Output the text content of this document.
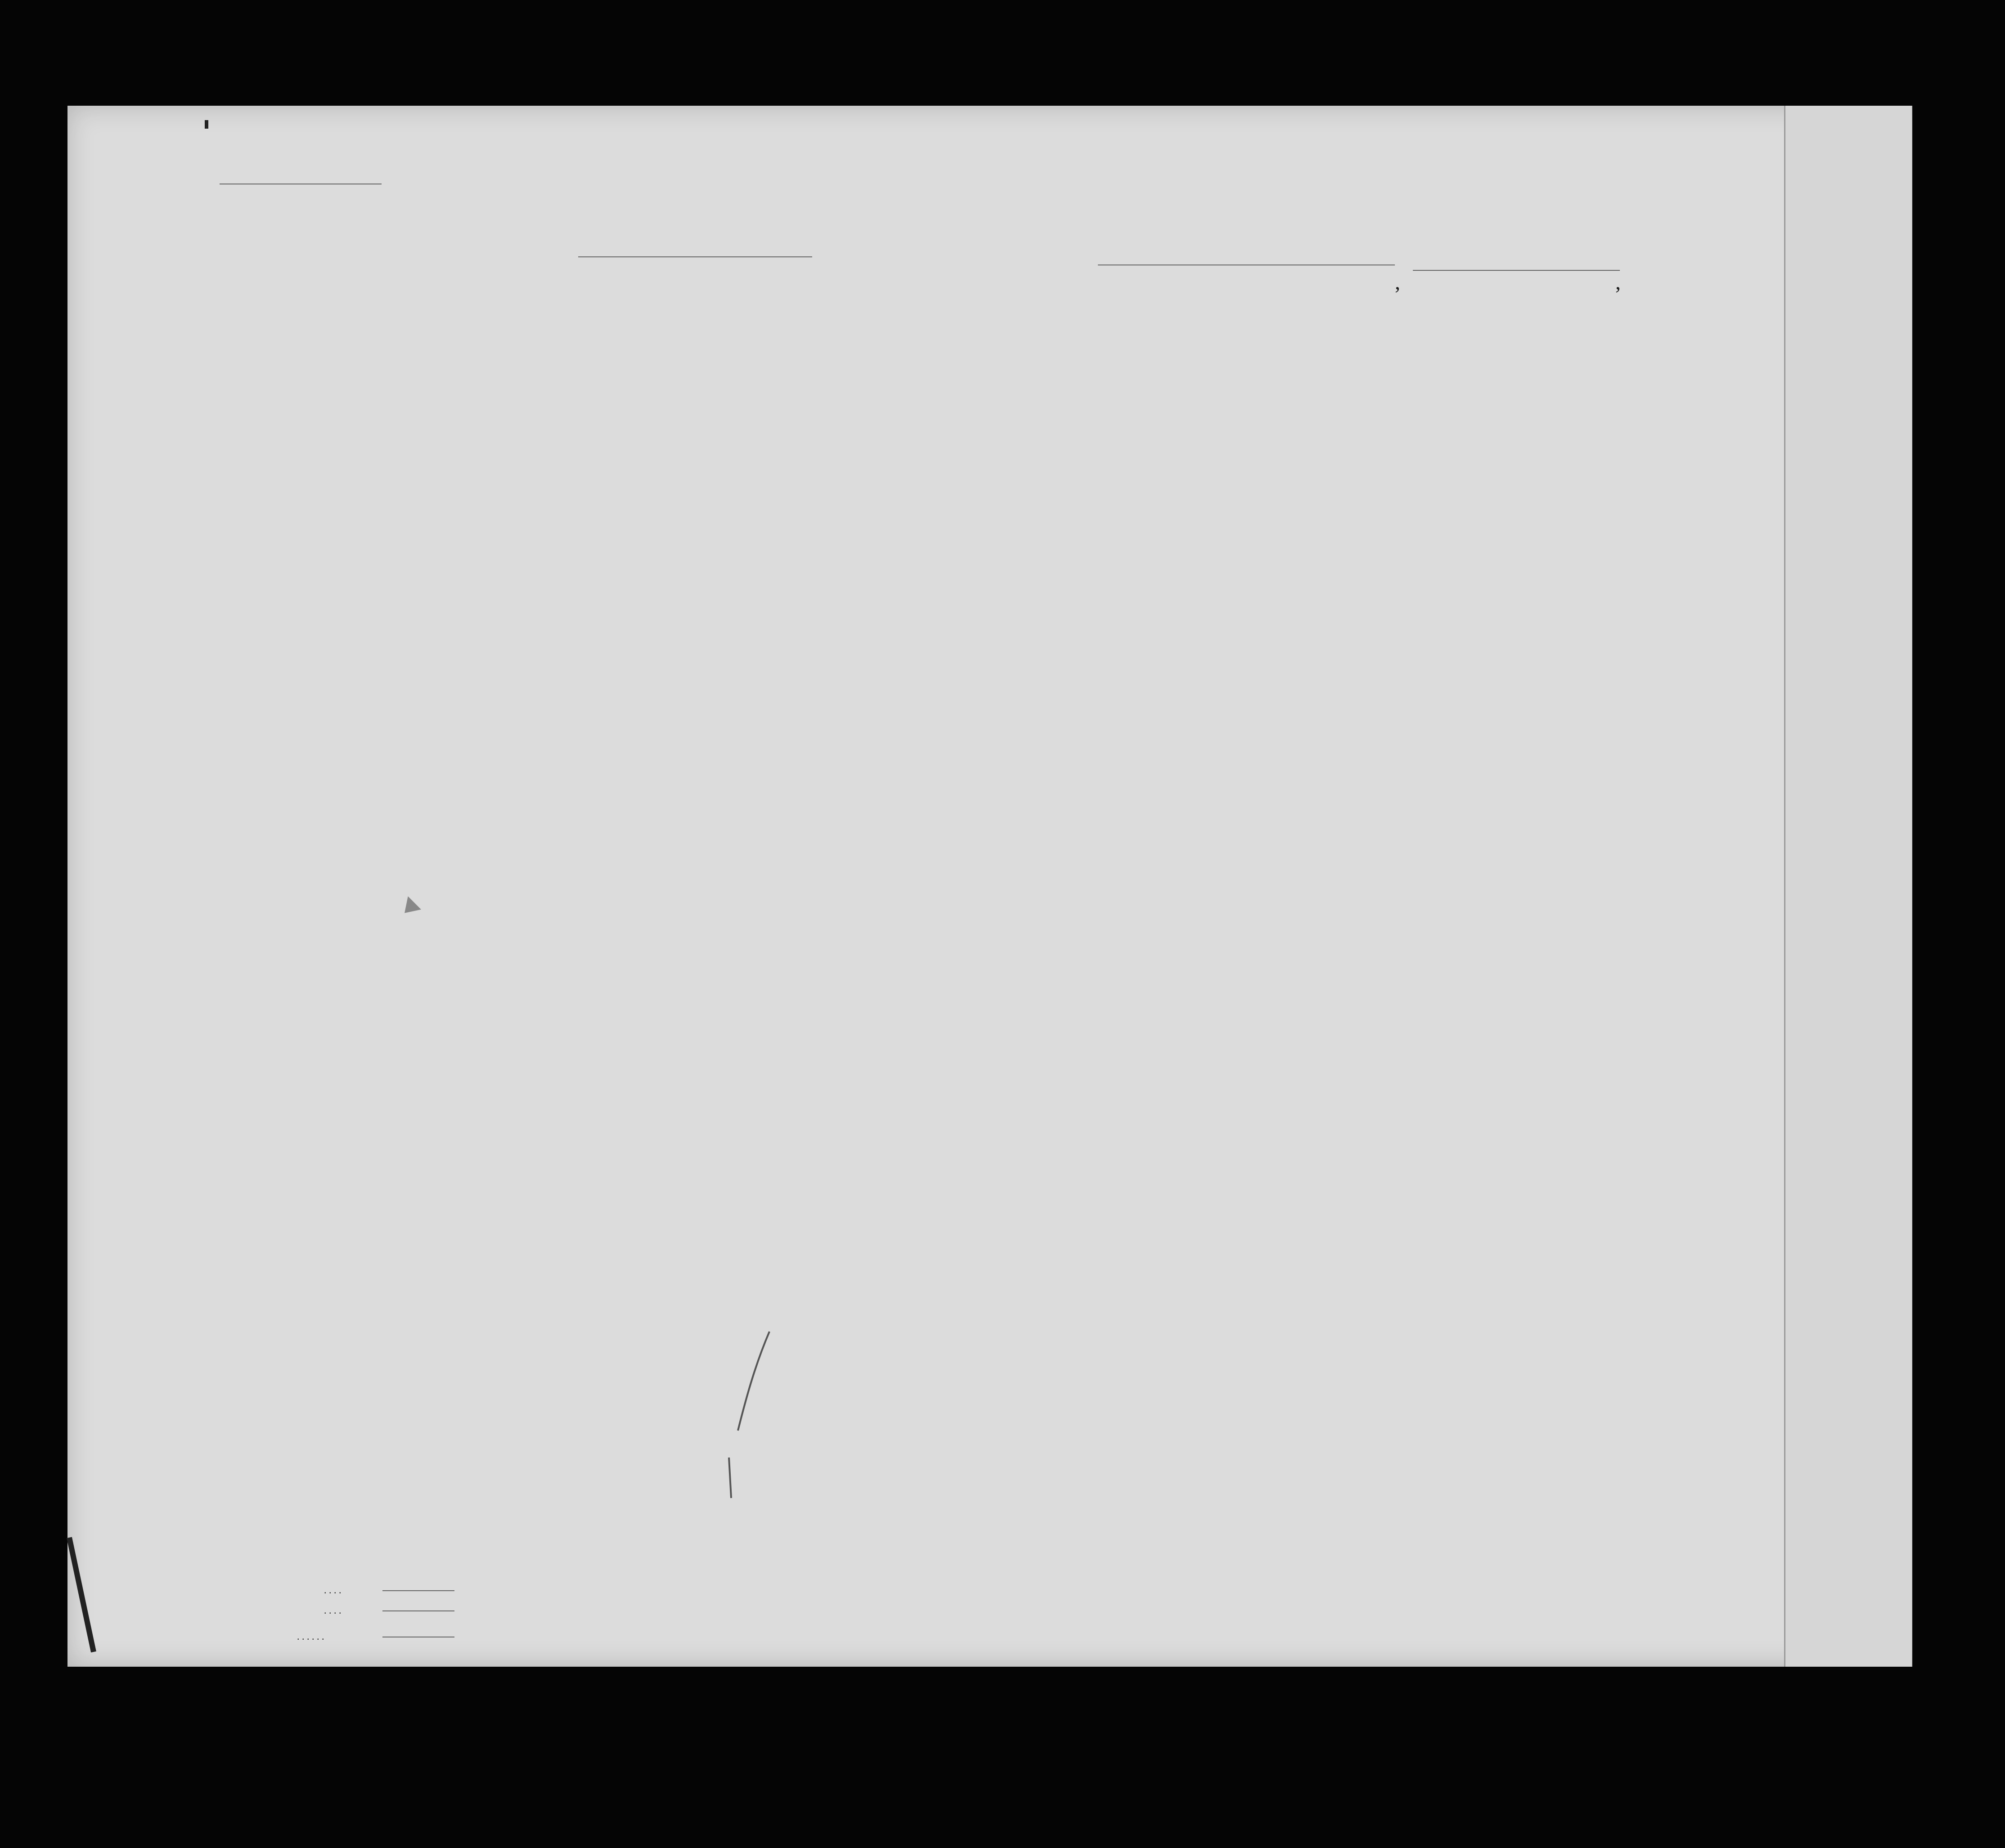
,	,
. . . .
. . . .
. . . . . .
